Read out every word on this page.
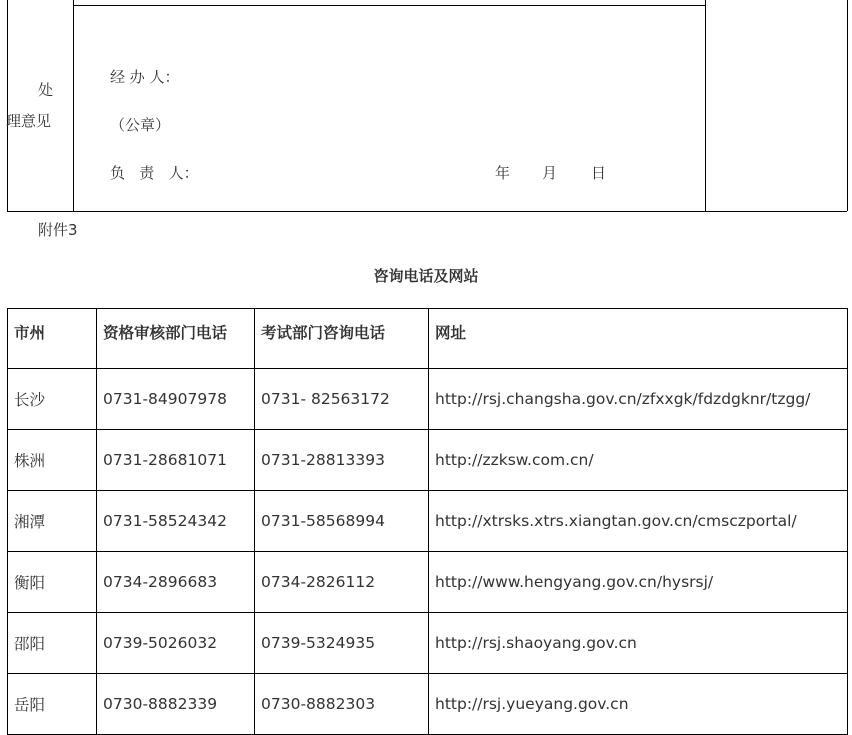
处
理意见
经 办 人：
（公章）
负   责   人：	年 月 日
附件3
咨询电话及网站
市州	资格审核部门电话	考试部门咨询电话	网址
长沙	0731-84907978	0731- 82563172	http://rsj.changsha.gov.cn/zfxxgk/fdzdgknr/tzgg/
株洲	0731-28681071	0731-28813393	http://zzksw.com.cn/
湘潭	0731-58524342	0731-58568994	http://xtrsks.xtrs.xiangtan.gov.cn/cmsczportal/
衡阳	0734-2896683	0734-2826112	http://www.hengyang.gov.cn/hysrsj/
邵阳	0739-5026032	0739-5324935	http://rsj.shaoyang.gov.cn
岳阳	0730-8882339	0730-8882303	http://rsj.yueyang.gov.cn
